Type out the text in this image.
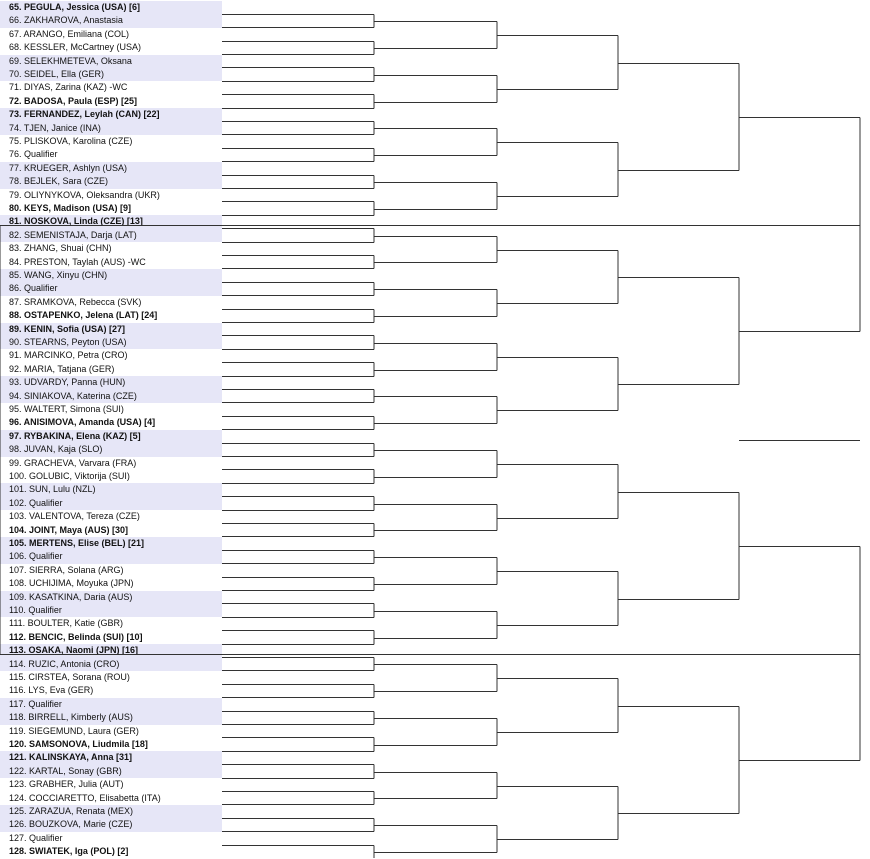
65. PEGULA, Jessica (USA) [6]
66. ZAKHAROVA, Anastasia
67. ARANGO, Emiliana (COL)
68. KESSLER, McCartney (USA)
69. SELEKHMETEVA, Oksana
70. SEIDEL, Ella (GER)
71. DIYAS, Zarina (KAZ) -WC
72. BADOSA, Paula (ESP) [25]
73. FERNANDEZ, Leylah (CAN) [22]
74. TJEN, Janice (INA)
75. PLISKOVA, Karolina (CZE)
76. Qualifier
77. KRUEGER, Ashlyn (USA)
78. BEJLEK, Sara (CZE)
79. OLIYNYKOVA, Oleksandra (UKR)
80. KEYS, Madison (USA) [9]
81. NOSKOVA, Linda (CZE) [13]
82. SEMENISTAJA, Darja (LAT)
83. ZHANG, Shuai (CHN)
84. PRESTON, Taylah (AUS) -WC
85. WANG, Xinyu (CHN)
86. Qualifier
87. SRAMKOVA, Rebecca (SVK)
88. OSTAPENKO, Jelena (LAT) [24]
89. KENIN, Sofia (USA) [27]
90. STEARNS, Peyton (USA)
91. MARCINKO, Petra (CRO)
92. MARIA, Tatjana (GER)
93. UDVARDY, Panna (HUN)
94. SINIAKOVA, Katerina (CZE)
95. WALTERT, Simona (SUI)
96. ANISIMOVA, Amanda (USA) [4]
97. RYBAKINA, Elena (KAZ) [5]
98. JUVAN, Kaja (SLO)
99. GRACHEVA, Varvara (FRA)
100. GOLUBIC, Viktorija (SUI)
101. SUN, Lulu (NZL)
102. Qualifier
103. VALENTOVA, Tereza (CZE)
104. JOINT, Maya (AUS) [30]
105. MERTENS, Elise (BEL) [21]
106. Qualifier
107. SIERRA, Solana (ARG)
108. UCHIJIMA, Moyuka (JPN)
109. KASATKINA, Daria (AUS)
110. Qualifier
111. BOULTER, Katie (GBR)
112. BENCIC, Belinda (SUI) [10]
113. OSAKA, Naomi (JPN) [16]
114. RUZIC, Antonia (CRO)
115. CIRSTEA, Sorana (ROU)
116. LYS, Eva (GER)
117. Qualifier
118. BIRRELL, Kimberly (AUS)
119. SIEGEMUND, Laura (GER)
120. SAMSONOVA, Liudmila [18]
121. KALINSKAYA, Anna [31]
122. KARTAL, Sonay (GBR)
123. GRABHER, Julia (AUT)
124. COCCIARETTO, Elisabetta (ITA)
125. ZARAZUA, Renata (MEX)
126. BOUZKOVA, Marie (CZE)
127. Qualifier
128. SWIATEK, Iga (POL) [2]
